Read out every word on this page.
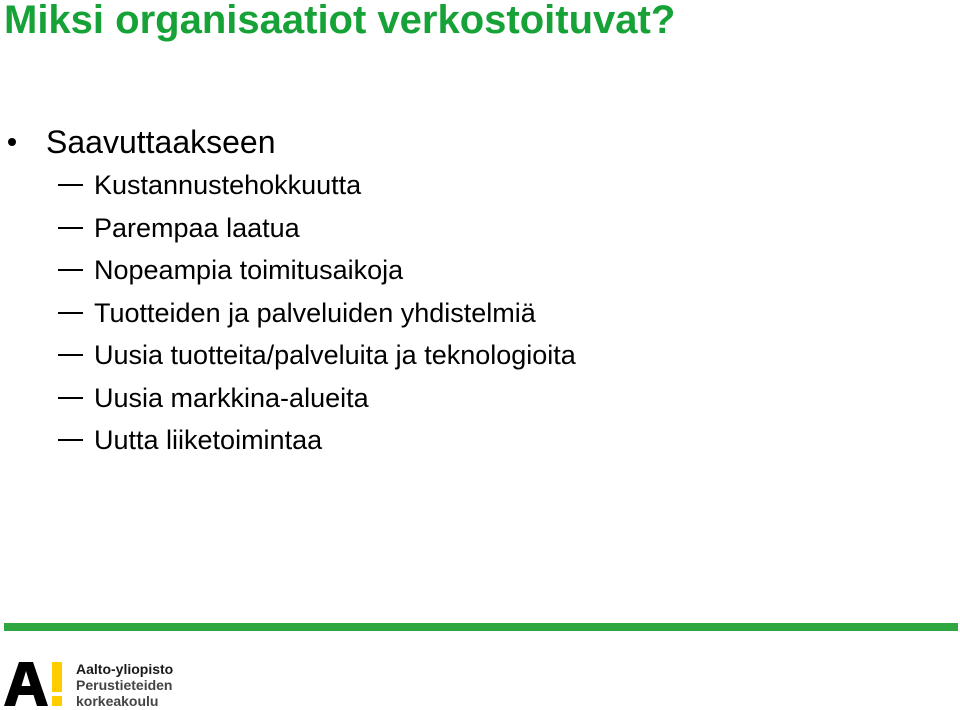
Miksi organisaatiot verkostoituvat?
Saavuttaakseen
Kustannustehokkuutta
Parempaa laatua
Nopeampia toimitusaikoja
Tuotteiden ja palveluiden yhdistelmiä
Uusia tuotteita/palveluita ja teknologioita
Uusia markkina-alueita
Uutta liiketoimintaa
Aalto-yliopisto
Perustieteiden
korkeakoulu
